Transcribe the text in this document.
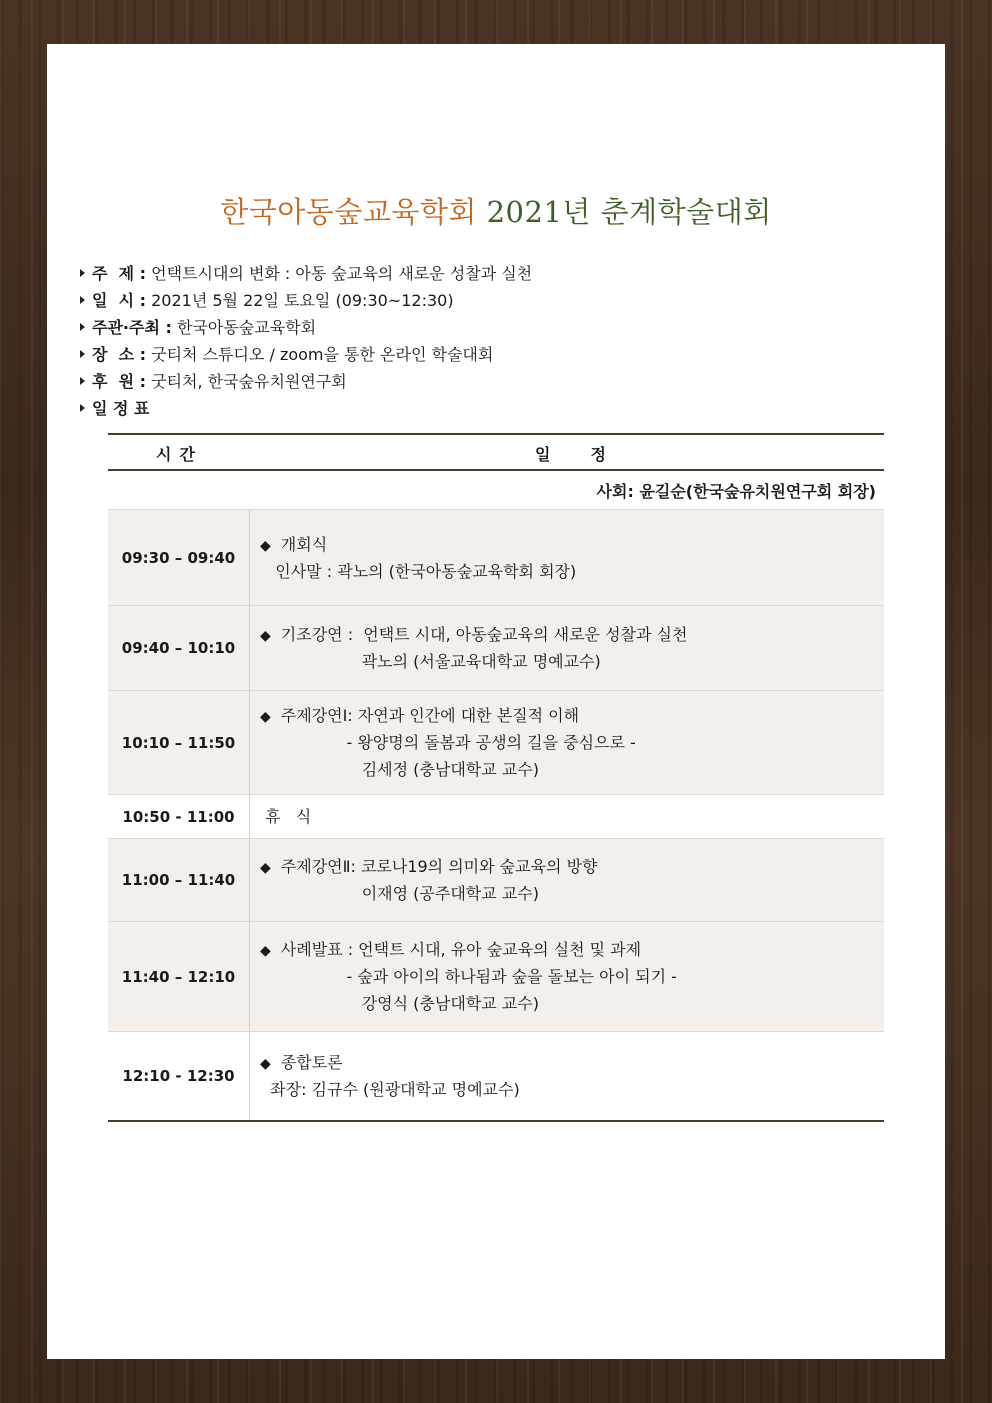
한국아동숲교육학회 2021년 춘계학술대회
주  제 : 언택트시대의 변화 : 아동 숲교육의 새로운 성찰과 실천
일  시 : 2021년 5월 22일 토요일 (09:30~12:30)
주관·주최 : 한국아동숲교육학회
장  소 : 굿티처 스튜디오 / zoom을 통한 온라인 학술대회
후  원 : 굿티처, 한국숲유치원연구회
일 정 표
시간	일정
사회: 윤길순(한국숲유치원연구회 회장)
09:30 – 09:40
◆ 개회식
인사말 : 곽노의 (한국아동숲교육학회 회장)
09:40 – 10:10
◆ 기조강연 :  언택트 시대, 아동숲교육의 새로운 성찰과 실천
곽노의 (서울교육대학교 명예교수)
10:10 – 11:50
◆ 주제강연Ⅰ: 자연과 인간에 대한 본질적 이해
- 왕양명의 돌봄과 공생의 길을 중심으로 -
김세정 (충남대학교 교수)
10:50 - 11:00	휴   식
11:00 – 11:40
◆ 주제강연Ⅱ: 코로나19의 의미와 숲교육의 방향
이재영 (공주대학교 교수)
11:40 – 12:10
◆ 사례발표 : 언택트 시대, 유아 숲교육의 실천 및 과제
- 숲과 아이의 하나됨과 숲을 돌보는 아이 되기 -
강영식 (충남대학교 교수)
12:10 - 12:30
◆ 종합토론
좌장: 김규수 (원광대학교 명예교수)
